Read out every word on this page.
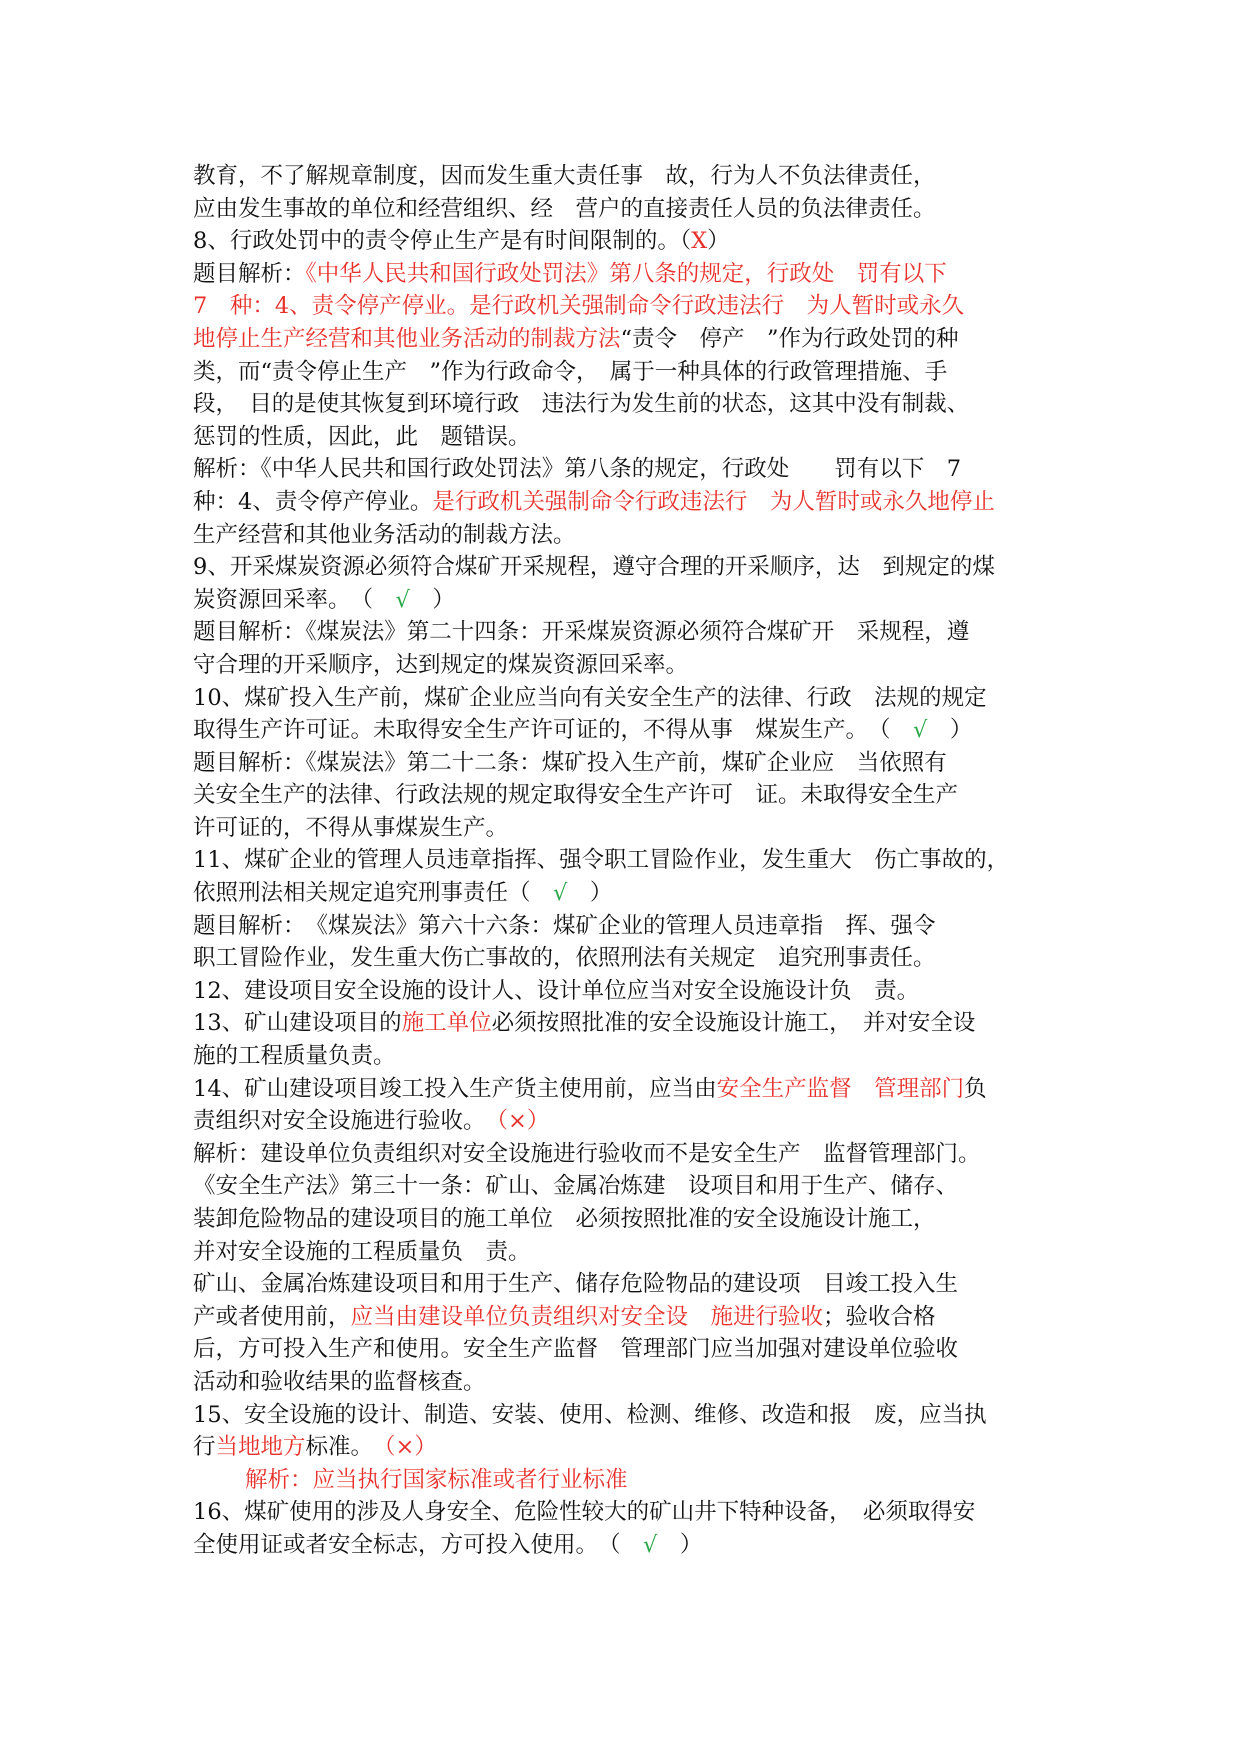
教育，不了解规章制度，因而发生重大责任事　故，行为人不负法律责任，
应由发生事故的单位和经营组织、经　营户的直接责任人员的负法律责任。
8、行政处罚中的责令停止生产是有时间限制的。（X）
题目解析：《中华人民共和国行政处罚法》第八条的规定，行政处　罚有以下
7　种：4、责令停产停业。是行政机关强制命令行政违法行　为人暂时或永久
地停止生产经营和其他业务活动的制裁方法“责令　停产　”作为行政处罚的种
类，而“责令停止生产　”作为行政命令，　属于一种具体的行政管理措施、手
段，　目的是使其恢复到环境行政　违法行为发生前的状态，这其中没有制裁、
惩罚的性质，因此，此　题错误。
解析：《中华人民共和国行政处罚法》第八条的规定，行政处　　罚有以下　7
种：4、责令停产停业。是行政机关强制命令行政违法行　为人暂时或永久地停止
生产经营和其他业务活动的制裁方法。
9、开采煤炭资源必须符合煤矿开采规程，遵守合理的开采顺序，达　到规定的煤
炭资源回采率。　（　√　）
题目解析：《煤炭法》第二十四条：开采煤炭资源必须符合煤矿开　采规程，遵
守合理的开采顺序，达到规定的煤炭资源回采率。
10、煤矿投入生产前，煤矿企业应当向有关安全生产的法律、行政　法规的规定
取得生产许可证。未取得安全生产许可证的，不得从事　煤炭生产。　（　√　）
题目解析：《煤炭法》第二十二条：煤矿投入生产前，煤矿企业应　当依照有
关安全生产的法律、行政法规的规定取得安全生产许可　证。未取得安全生产
许可证的，不得从事煤炭生产。
11、煤矿企业的管理人员违章指挥、强令职工冒险作业，发生重大　伤亡事故的，
依照刑法相关规定追究刑事责任（　√　）
题目解析：　《煤炭法》第六十六条：煤矿企业的管理人员违章指　挥、强令
职工冒险作业，发生重大伤亡事故的，依照刑法有关规定　追究刑事责任。
12、建设项目安全设施的设计人、设计单位应当对安全设施设计负　责。
13、矿山建设项目的施工单位必须按照批准的安全设施设计施工，　并对安全设
施的工程质量负责。
14、矿山建设项目竣工投入生产货主使用前，应当由安全生产监督　管理部门负
责组织对安全设施进行验收。　（×）
解析：建设单位负责组织对安全设施进行验收而不是安全生产　监督管理部门。
《安全生产法》第三十一条：矿山、金属冶炼建　设项目和用于生产、储存、
装卸危险物品的建设项目的施工单位　必须按照批准的安全设施设计施工，
并对安全设施的工程质量负　责。
矿山、金属冶炼建设项目和用于生产、储存危险物品的建设项　目竣工投入生
产或者使用前，应当由建设单位负责组织对安全设　施进行验收；验收合格
后，方可投入生产和使用。安全生产监督　管理部门应当加强对建设单位验收
活动和验收结果的监督核查。
15、安全设施的设计、制造、安装、使用、检测、维修、改造和报　废，应当执
行当地地方标准。　（×）
解析：应当执行国家标准或者行业标准
16、煤矿使用的涉及人身安全、危险性较大的矿山井下特种设备，　必须取得安
全使用证或者安全标志，方可投入使用。　（　√　）
